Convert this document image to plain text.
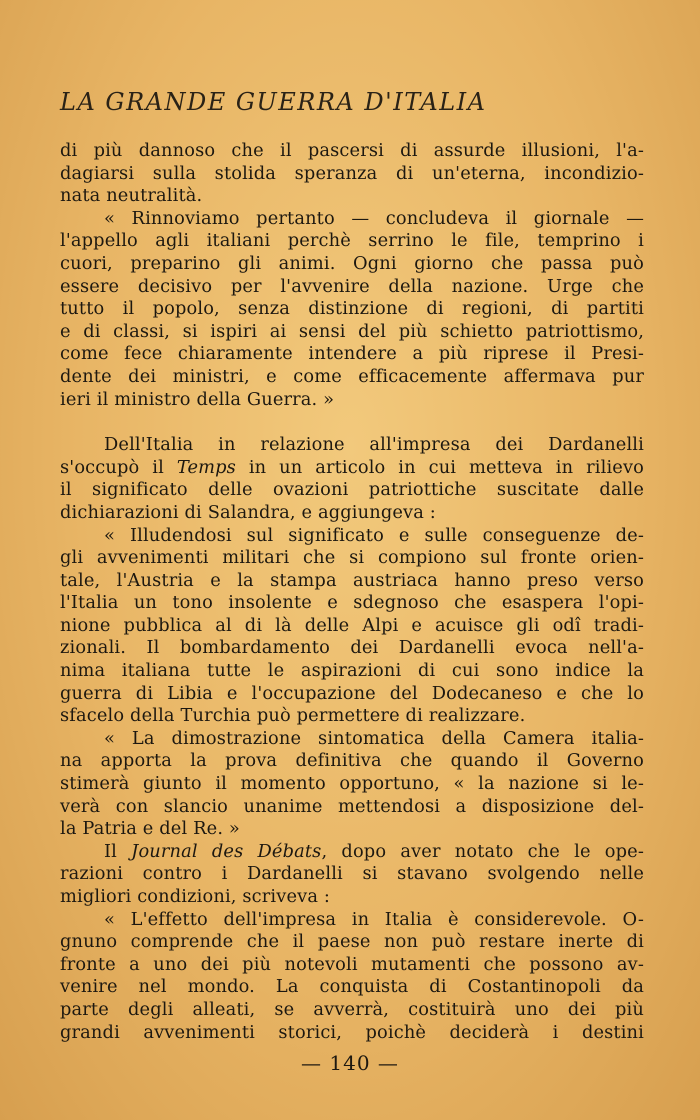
LA GRANDE GUERRA D'ITALIA
di più dannoso che il pascersi di assurde illusioni, l'a-
dagiarsi sulla stolida speranza di un'eterna, incondizio-
nata neutralità.
« Rinnoviamo pertanto — concludeva il giornale —
l'appello agli italiani perchè serrino le file, temprino i
cuori, preparino gli animi. Ogni giorno che passa può
essere decisivo per l'avvenire della nazione. Urge che
tutto il popolo, senza distinzione di regioni, di partiti
e di classi, si ispiri ai sensi del più schietto patriottismo,
come fece chiaramente intendere a più riprese il Presi-
dente dei ministri, e come efficacemente affermava pur
ieri il ministro della Guerra. »
Dell'Italia in relazione all'impresa dei Dardanelli
s'occupò il Temps in un articolo in cui metteva in rilievo
il significato delle ovazioni patriottiche suscitate dalle
dichiarazioni di Salandra, e aggiungeva :
« Illudendosi sul significato e sulle conseguenze de-
gli avvenimenti militari che si compiono sul fronte orien-
tale, l'Austria e la stampa austriaca hanno preso verso
l'Italia un tono insolente e sdegnoso che esaspera l'opi-
nione pubblica al di là delle Alpi e acuisce gli odî tradi-
zionali. Il bombardamento dei Dardanelli evoca nell'a-
nima italiana tutte le aspirazioni di cui sono indice la
guerra di Libia e l'occupazione del Dodecaneso e che lo
sfacelo della Turchia può permettere di realizzare.
« La dimostrazione sintomatica della Camera italia-
na apporta la prova definitiva che quando il Governo
stimerà giunto il momento opportuno, « la nazione si le-
verà con slancio unanime mettendosi a disposizione del-
la Patria e del Re. »
Il Journal des Débats, dopo aver notato che le ope-
razioni contro i Dardanelli si stavano svolgendo nelle
migliori condizioni, scriveva :
« L'effetto dell'impresa in Italia è considerevole. O-
gnuno comprende che il paese non può restare inerte di
fronte a uno dei più notevoli mutamenti che possono av-
venire nel mondo. La conquista di Costantinopoli da
parte degli alleati, se avverrà, costituirà uno dei più
grandi avvenimenti storici, poichè deciderà i destini
— 140 —
